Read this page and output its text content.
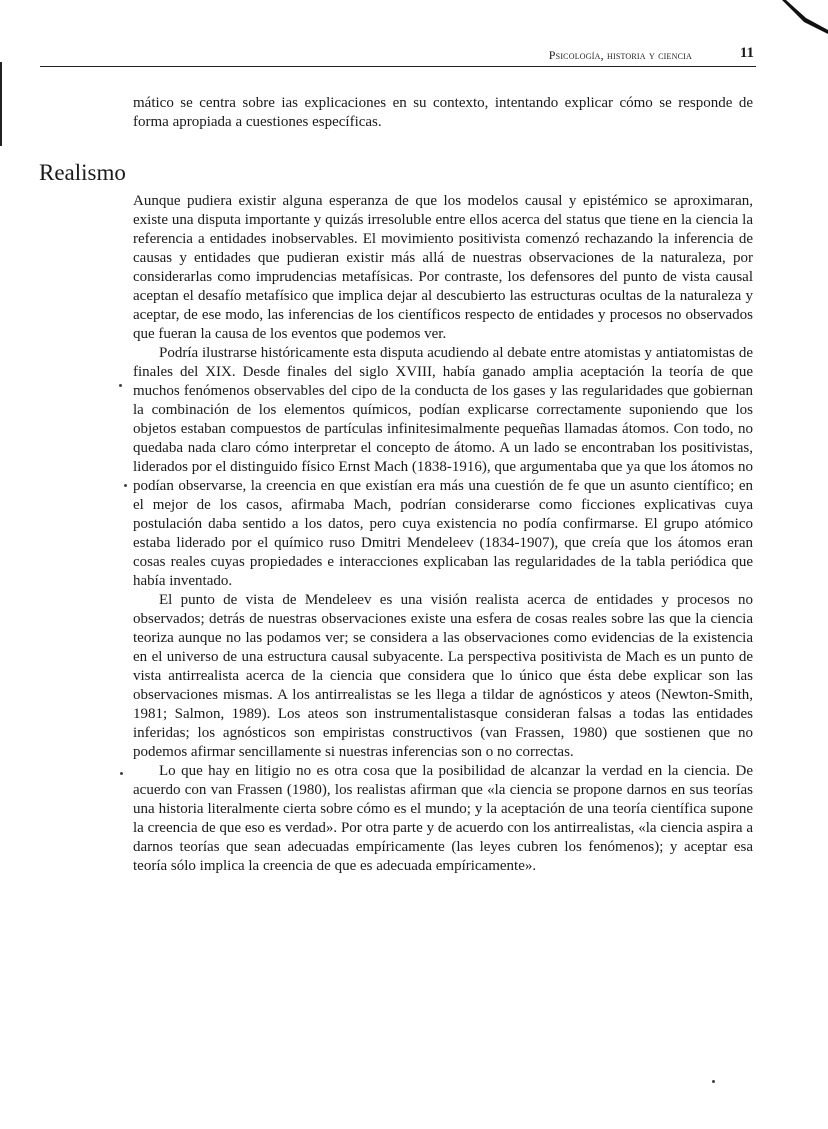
Psicología, historia y ciencia	11
mático se centra sobre ias explicaciones en su contexto, intentando explicar cómo se responde de forma apropiada a cuestiones específicas.
Realismo

Aunque pudiera existir alguna esperanza de que los modelos causal y epistémico se aproximaran, existe una disputa importante y quizás irresoluble entre ellos acerca del status que tiene en la ciencia la referencia a entidades inobservables. El movimiento positivista comenzó rechazando la inferencia de causas y entidades que pudieran existir más allá de nuestras observaciones de la naturaleza, por considerarlas como imprudencias metafísicas. Por contraste, los defensores del punto de vista causal aceptan el desafío metafísico que implica dejar al descubierto las estructuras ocultas de la naturaleza y aceptar, de ese modo, las inferencias de los científicos respecto de entidades y procesos no observados que fueran la causa de los eventos que podemos ver.

Podría ilustrarse históricamente esta disputa acudiendo al debate entre atomistas y antiatomistas de finales del XIX. Desde finales del siglo XVIII, había ganado amplia aceptación la teoría de que muchos fenómenos observables del cipo de la conducta de los gases y las regularidades que gobiernan la combinación de los elementos químicos, podían explicarse correctamente suponiendo que los objetos estaban compuestos de partículas infinitesimalmente pequeñas llamadas átomos. Con todo, no quedaba nada claro cómo interpretar el concepto de átomo. A un lado se encontraban los positivistas, liderados por el distinguido físico Ernst Mach (1838-1916), que argumentaba que ya que los átomos no podían observarse, la creencia en que existían era más una cuestión de fe que un asunto científico; en el mejor de los casos, afirmaba Mach, podrían considerarse como ficciones explicativas cuya postulación daba sentido a los datos, pero cuya existencia no podía confirmarse. El grupo atómico estaba liderado por el químico ruso Dmitri Mendeleev (1834-1907), que creía que los átomos eran cosas reales cuyas propiedades e interacciones explicaban las regularidades de la tabla periódica que había inventado.

El punto de vista de Mendeleev es una visión realista acerca de entidades y procesos no observados; detrás de nuestras observaciones existe una esfera de cosas reales sobre las que la ciencia teoriza aunque no las podamos ver; se considera a las observaciones como evidencias de la existencia en el universo de una estructura causal subyacente. La perspectiva positivista de Mach es un punto de vista antirrealista acerca de la ciencia que considera que lo único que ésta debe explicar son las observaciones mismas. A los antirrealistas se les llega a tildar de agnósticos y ateos (Newton-Smith, 1981; Salmon, 1989). Los ateos son instrumentalistasque consideran falsas a todas las entidades inferidas; los agnósticos son empiristas constructivos (van Frassen, 1980) que sostienen que no podemos afirmar sencillamente si nuestras inferencias son o no correctas.

Lo que hay en litigio no es otra cosa que la posibilidad de alcanzar la verdad en la ciencia. De acuerdo con van Frassen (1980), los realistas afirman que «la ciencia se propone darnos en sus teorías una historia literalmente cierta sobre cómo es el mundo; y la aceptación de una teoría científica supone la creencia de que eso es verdad». Por otra parte y de acuerdo con los antirrealistas, «la ciencia aspira a darnos teorías que sean adecuadas empíricamente (las leyes cubren los fenómenos); y aceptar esa teoría sólo implica la creencia de que es adecuada empíricamente».
